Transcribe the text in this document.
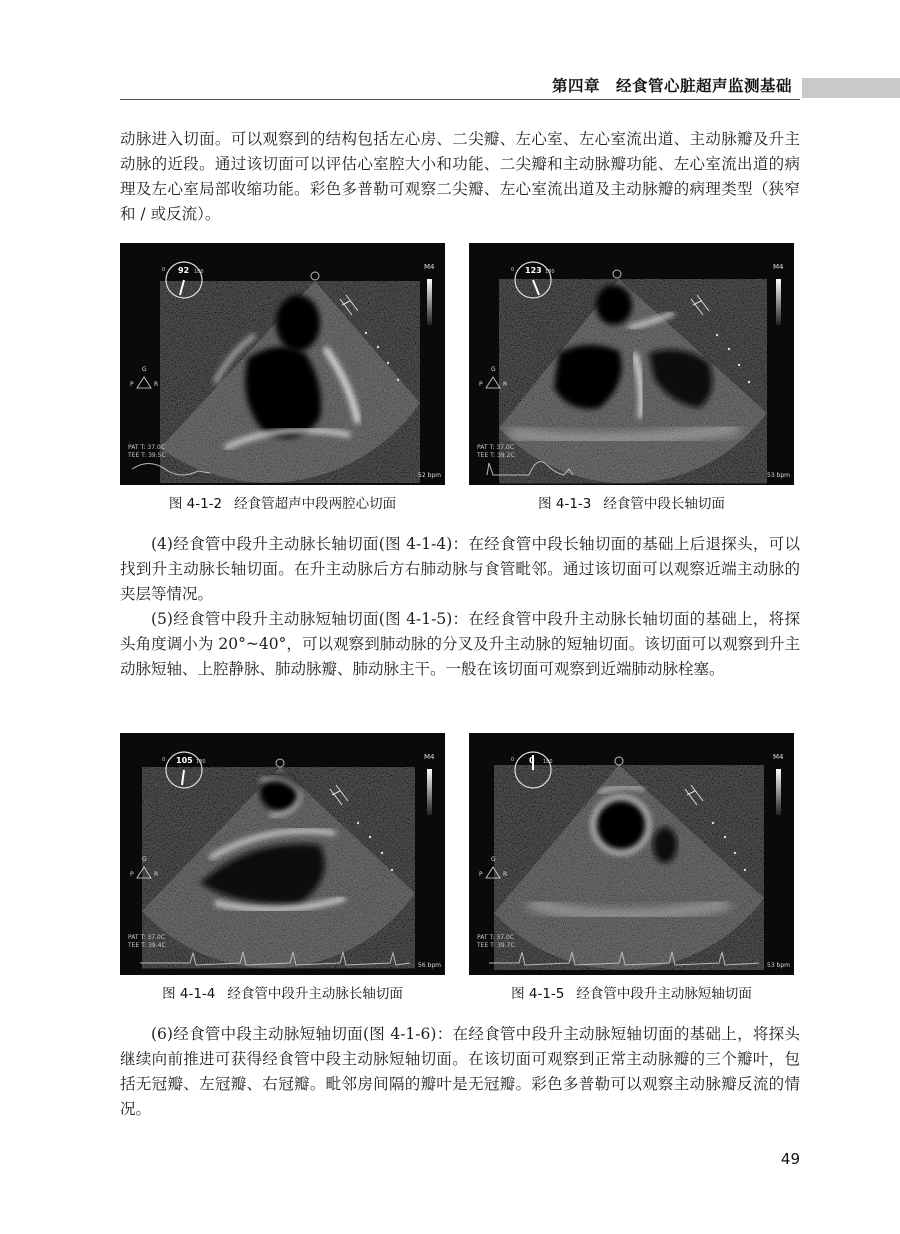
第四章　经食管心脏超声监测基础

动脉进入切面。可以观察到的结构包括左心房、二尖瓣、左心室、左心室流出道、主动脉瓣及升主动脉的近段。通过该切面可以评估心室腔大小和功能、二尖瓣和主动脉瓣功能、左心室流出道的病理及左心室局部收缩功能。彩色多普勒可观察二尖瓣、左心室流出道及主动脉瓣的病理类型（狭窄和 / 或反流）。

92
0	180
M4
G
P	R
PAT T: 37.0C
TEE T: 39.5C
52 bpm
图 4-1-2 经食管超声中段两腔心切面
123
0	180
M4
G
P	R
PAT T: 37.0C
TEE T: 39.2C
53 bpm
图 4-1-3 经食管中段长轴切面

(4)经食管中段升主动脉长轴切面(图 4-1-4)：在经食管中段长轴切面的基础上后退探头，可以找到升主动脉长轴切面。在升主动脉后方右肺动脉与食管毗邻。通过该切面可以观察近端主动脉的夹层等情况。

(5)经食管中段升主动脉短轴切面(图 4-1-5)：在经食管中段升主动脉长轴切面的基础上，将探头角度调小为 20°~40°，可以观察到肺动脉的分叉及升主动脉的短轴切面。该切面可以观察到升主动脉短轴、上腔静脉、肺动脉瓣、肺动脉主干。一般在该切面可观察到近端肺动脉栓塞。

105
0	180
M4
G
P	R
PAT T: 37.0C
TEE T: 39.4C
56 bpm
图 4-1-4 经食管中段升主动脉长轴切面
0
0	180
M4
G
P	R
PAT T: 37.0C
TEE T: 39.7C
53 bpm
图 4-1-5 经食管中段升主动脉短轴切面

(6)经食管中段主动脉短轴切面(图 4-1-6)：在经食管中段升主动脉短轴切面的基础上，将探头继续向前推进可获得经食管中段主动脉短轴切面。在该切面可观察到正常主动脉瓣的三个瓣叶，包括无冠瓣、左冠瓣、右冠瓣。毗邻房间隔的瓣叶是无冠瓣。彩色多普勒可以观察主动脉瓣反流的情况。

49
